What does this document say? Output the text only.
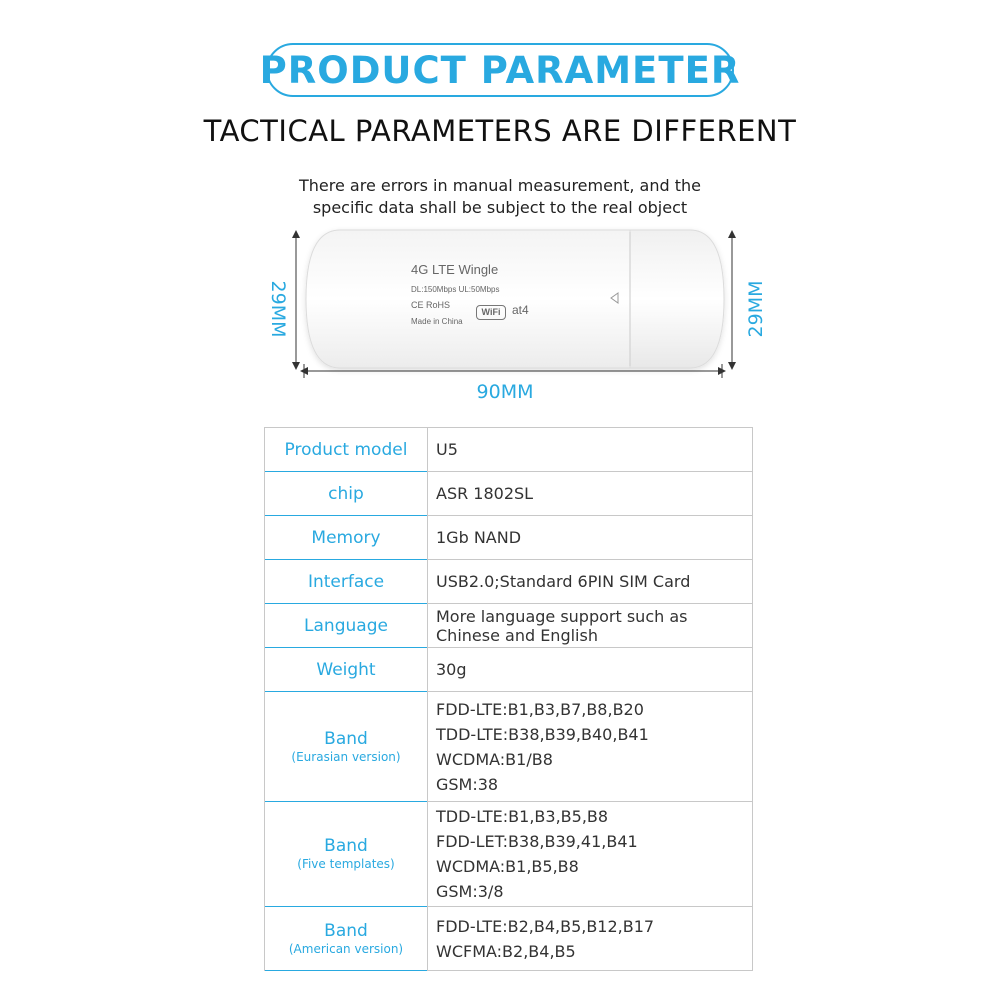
PRODUCT PARAMETER
TACTICAL PARAMETERS ARE DIFFERENT
There are errors in manual measurement, and the
specific data shall be subject to the real object
4G LTE Wingle
DL:150Mbps UL:50Mbps
CE RoHS
Made in China
WiFi at4
29MM	29MM
90MM
Product model	U5

chip	ASR 1802SL

Memory	1Gb NAND

Interface	USB2.0;Standard 6PIN SIM Card

Language	More language support such as
Chinese and English

Weight	30g

Band
(Eurasian version)	FDD-LTE:B1,B3,B7,B8,B20
TDD-LTE:B38,B39,B40,B41
WCDMA:B1/B8
GSM:38

Band
(Five templates)	TDD-LTE:B1,B3,B5,B8
FDD-LET:B38,B39,41,B41
WCDMA:B1,B5,B8
GSM:3/8

Band
(American version)	FDD-LTE:B2,B4,B5,B12,B17
WCFMA:B2,B4,B5
